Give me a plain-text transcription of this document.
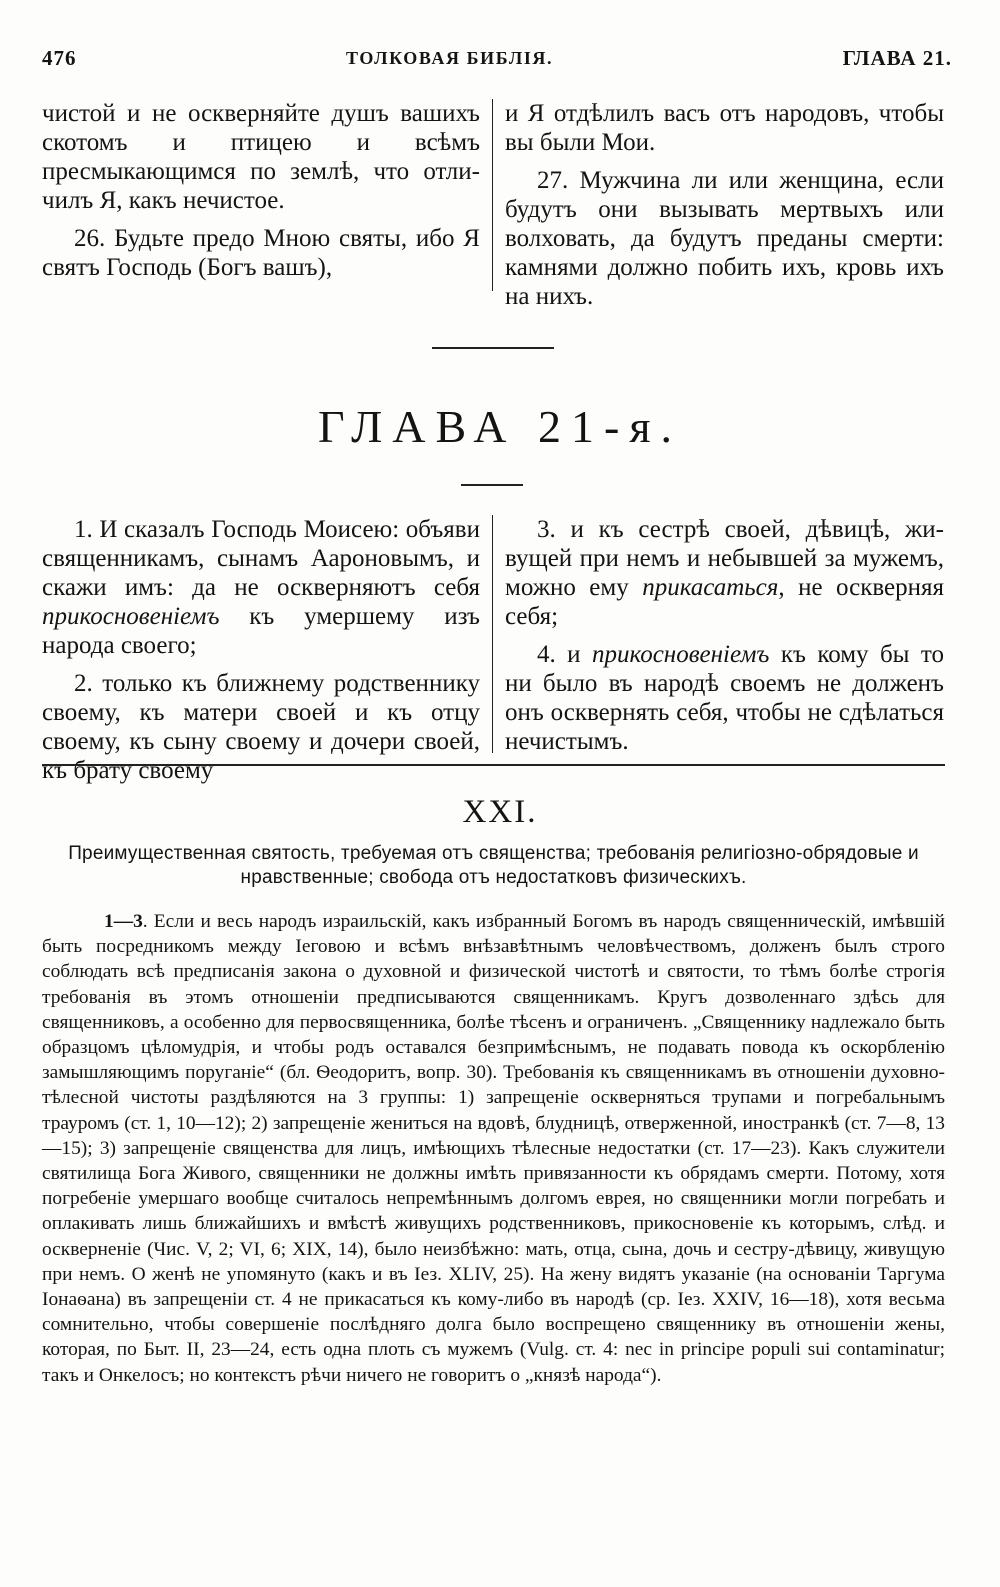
476	ТОЛКОВАЯ БИБЛІЯ.	ГЛАВА 21.

чистой и не оскверняйте душъ вашихъ скотомъ и птицею и всѣмъ пресмыкающимся по землѣ, что отличилъ Я, какъ нечистое.

26. Будьте предо Мною святы, ибо Я святъ Господь (Богъ вашъ),

и Я отдѣлилъ васъ отъ народовъ, чтобы вы были Мои.

27. Мужчина ли или женщина, если будутъ они вызывать мертвыхъ или волховать, да будутъ преданы смерти: камнями должно побить ихъ, кровь ихъ на нихъ.

ГЛАВА 21-я.

1. И сказалъ Господь Моисею: объяви священникамъ, сынамъ Аароновымъ, и скажи имъ: да не оскверняютъ себя прикосновеніемъ къ умершему изъ народа своего;

2. только къ ближнему родственнику своему, къ матери своей и къ отцу своему, къ сыну своему и дочери своей, къ брату своему

3. и къ сестрѣ своей, дѣвицѣ, живущей при немъ и небывшей за мужемъ, можно ему прикасаться, не оскверняя себя;

4. и прикосновеніемъ къ кому бы то ни было въ народѣ своемъ не долженъ онъ осквернять себя, чтобы не сдѣлаться нечистымъ.

XXI.
Преимущественная святость, требуемая отъ священства; требованія религіозно-обрядовые и нравственные; свобода отъ недостатковъ физическихъ.
1—3. Если и весь народъ израильскій, какъ избранный Богомъ въ народъ священническій, имѣвшій быть посредникомъ между Іеговою и всѣмъ внѣзавѣтнымъ человѣчествомъ, долженъ былъ строго соблюдать всѣ предписанія закона о духовной и физической чистотѣ и святости, то тѣмъ болѣе строгія требованія въ этомъ отношеніи предписываются священникамъ. Кругъ дозволеннаго здѣсь для священниковъ, а особенно для первосвященника, болѣе тѣсенъ и ограниченъ. „Священнику надлежало быть образцомъ цѣломудрія, и чтобы родъ оставался безпримѣснымъ, не подавать повода къ оскорбленію замышляющимъ поруганіе“ (бл. Ѳеодоритъ, вопр. 30). Требованія къ священникамъ въ отношеніи духовно-тѣлесной чистоты раздѣляются на 3 группы: 1) запрещеніе оскверняться трупами и погребальнымъ трауромъ (ст. 1, 10—12); 2) запрещеніе жениться на вдовѣ, блудницѣ, отверженной, иностранкѣ (ст. 7—8, 13—15); 3) запрещеніе священства для лицъ, имѣющихъ тѣлесные недостатки (ст. 17—23). Какъ служители святилища Бога Живого, священники не должны имѣть привязанности къ обрядамъ смерти. Потому, хотя погребеніе умершаго вообще считалось непремѣннымъ долгомъ еврея, но священники могли погребать и оплакивать лишь ближайшихъ и вмѣстѣ живущихъ родственниковъ, прикосновеніе къ которымъ, слѣд. и оскверненіе (Чис. V, 2; VI, 6; XIX, 14), было неизбѣжно: мать, отца, сына, дочь и сестру-дѣвицу, живущую при немъ. О женѣ не упомянуто (какъ и въ Іез. XLIV, 25). На жену видятъ указаніе (на основаніи Таргума Іонаѳана) въ запрещеніи ст. 4 не прикасаться къ кому-либо въ народѣ (ср. Іез. XXIV, 16—18), хотя весьма сомнительно, чтобы совершеніе послѣдняго долга было воспрещено священнику въ отношеніи жены, которая, по Быт. II, 23—24, есть одна плоть съ мужемъ (Vulg. ст. 4: nec in principe populi sui contaminatur; такъ и Онкелосъ; но контекстъ рѣчи ничего не говоритъ о „князѣ народа“).
